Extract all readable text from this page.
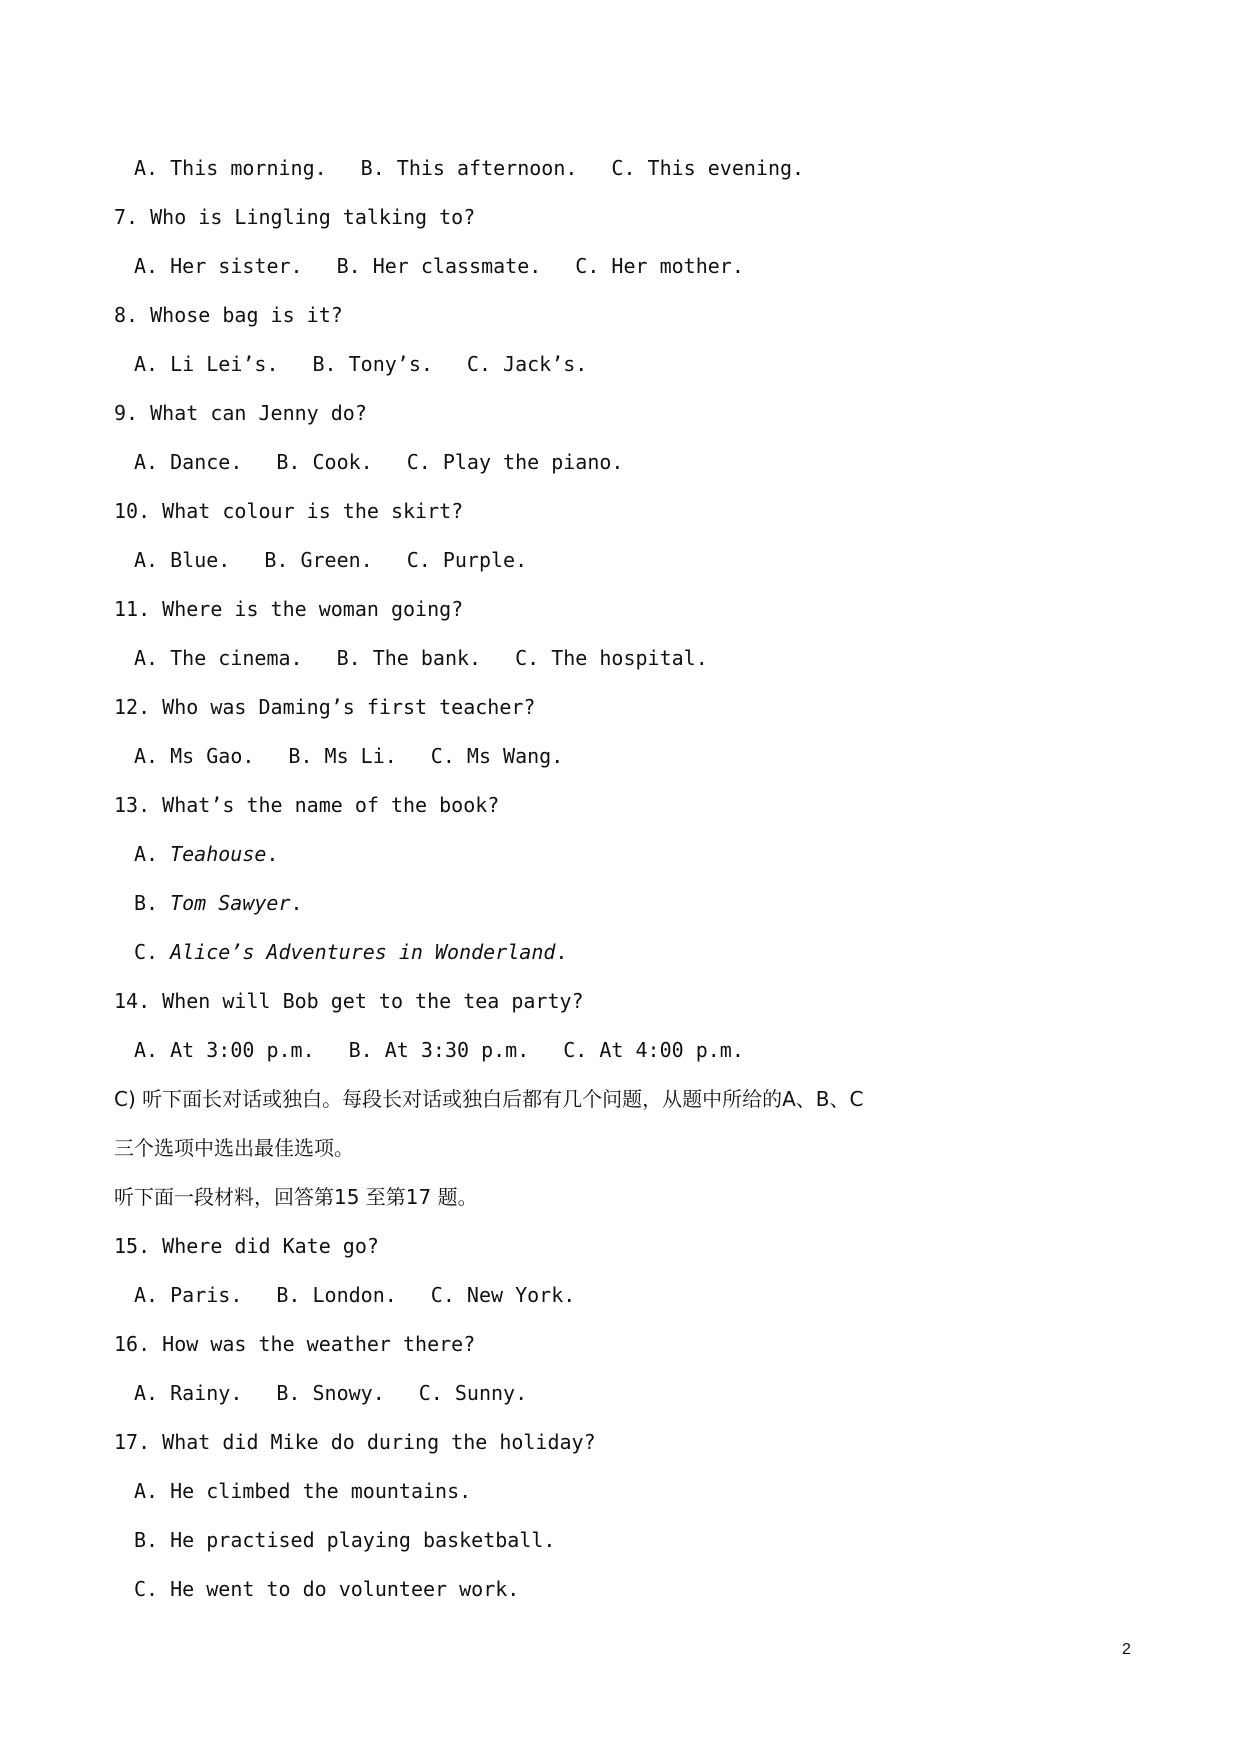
A. This morning. B. This afternoon. C. This evening.
7. Who is Lingling talking to?
A. Her sister. B. Her classmate. C. Her mother.
8. Whose bag is it?
A. Li Lei’s. B. Tony’s. C. Jack’s.
9. What can Jenny do?
A. Dance. B. Cook. C. Play the piano.
10. What colour is the skirt?
A. Blue. B. Green. C. Purple.
11. Where is the woman going?
A. The cinema. B. The bank. C. The hospital.
12. Who was Daming’s first teacher?
A. Ms Gao. B. Ms Li. C. Ms Wang.
13. What’s the name of the book?
A. Teahouse.
B. Tom Sawyer.
C. Alice’s Adventures in Wonderland.
14. When will Bob get to the tea party?
A. At 3:00 p.m. B. At 3:30 p.m. C. At 4:00 p.m.
C) 听下面长对话或独白。每段长对话或独白后都有几个问题，从题中所给的A、B、C
三个选项中选出最佳选项。
听下面一段材料，回答第15 至第17 题。
15. Where did Kate go?
A. Paris. B. London. C. New York.
16. How was the weather there?
A. Rainy. B. Snowy. C. Sunny.
17. What did Mike do during the holiday?
A. He climbed the mountains.
B. He practised playing basketball.
C. He went to do volunteer work.
2
